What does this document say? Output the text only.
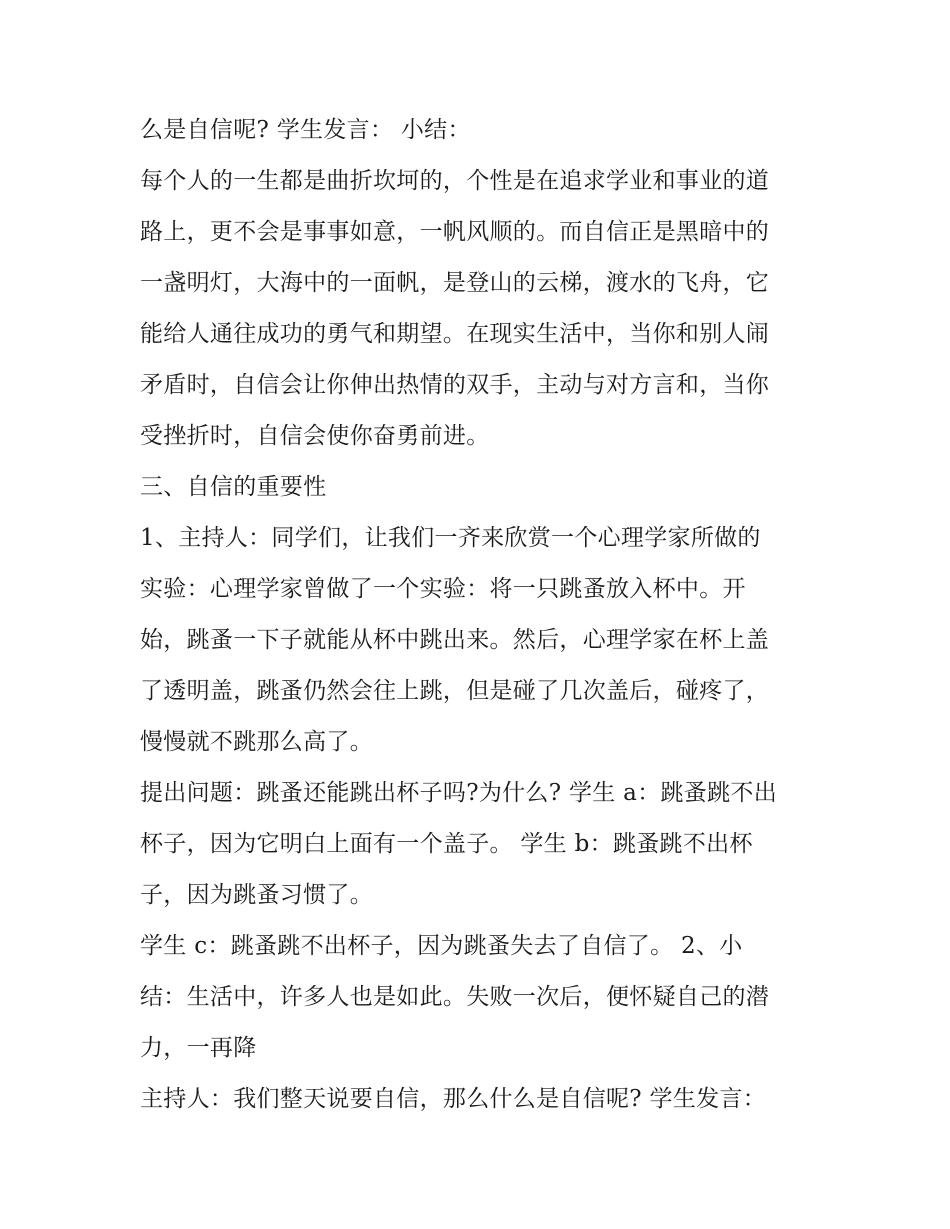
么是自信呢? 学生发言： 小结：
每个人的一生都是曲折坎坷的，个性是在追求学业和事业的道
路上，更不会是事事如意，一帆风顺的。而自信正是黑暗中的
一盏明灯，大海中的一面帆，是登山的云梯，渡水的飞舟，它
能给人通往成功的勇气和期望。在现实生活中，当你和别人闹
矛盾时，自信会让你伸出热情的双手，主动与对方言和，当你
受挫折时，自信会使你奋勇前进。
三、自信的重要性
1、主持人：同学们，让我们一齐来欣赏一个心理学家所做的
实验：心理学家曾做了一个实验：将一只跳蚤放入杯中。开
始，跳蚤一下子就能从杯中跳出来。然后，心理学家在杯上盖
了透明盖，跳蚤仍然会往上跳，但是碰了几次盖后，碰疼了，
慢慢就不跳那么高了。
提出问题：跳蚤还能跳出杯子吗?为什么? 学生 a：跳蚤跳不出
杯子，因为它明白上面有一个盖子。 学生 b：跳蚤跳不出杯
子，因为跳蚤习惯了。
学生 c：跳蚤跳不出杯子，因为跳蚤失去了自信了。 2、小
结：生活中，许多人也是如此。失败一次后，便怀疑自己的潜
力，一再降
主持人：我们整天说要自信，那么什么是自信呢? 学生发言：
